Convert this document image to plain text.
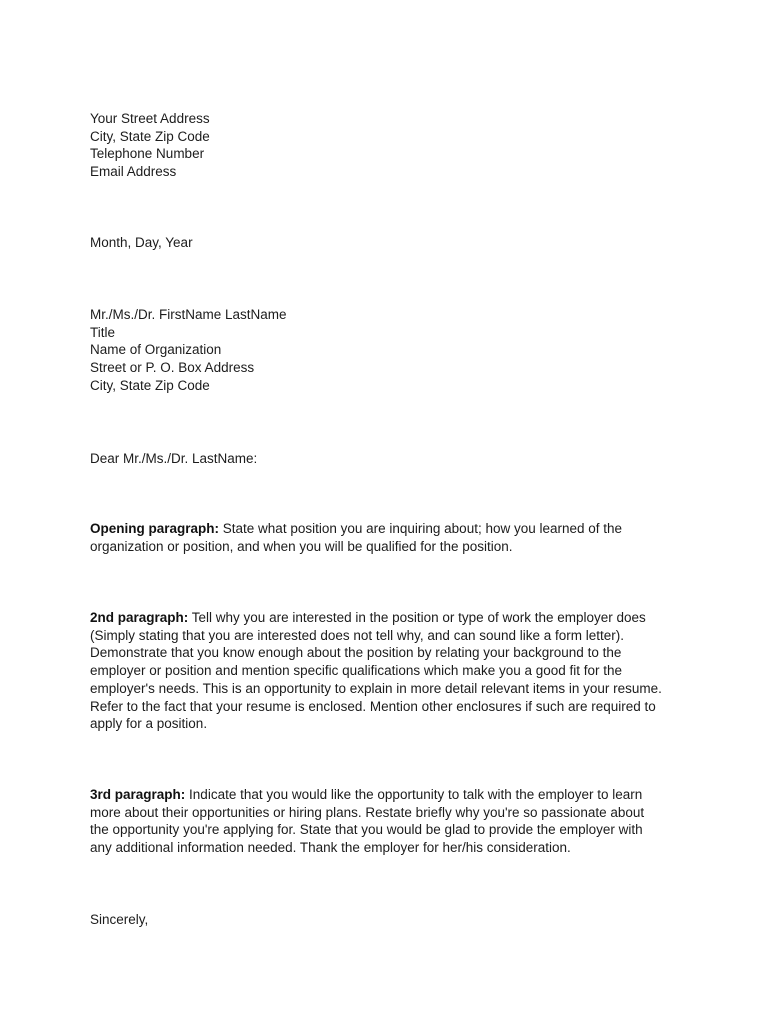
Your Street Address
City, State Zip Code
Telephone Number
Email Address
Month, Day, Year
Mr./Ms./Dr. FirstName LastName
Title
Name of Organization
Street or P. O. Box Address
City, State Zip Code
Dear Mr./Ms./Dr. LastName:
Opening paragraph: State what position you are inquiring about; how you learned of the
organization or position, and when you will be qualified for the position.
2nd paragraph: Tell why you are interested in the position or type of work the employer does
(Simply stating that you are interested does not tell why, and can sound like a form letter).
Demonstrate that you know enough about the position by relating your background to the
employer or position and mention specific qualifications which make you a good fit for the
employer's needs. This is an opportunity to explain in more detail relevant items in your resume.
Refer to the fact that your resume is enclosed. Mention other enclosures if such are required to
apply for a position.
3rd paragraph: Indicate that you would like the opportunity to talk with the employer to learn
more about their opportunities or hiring plans. Restate briefly why you're so passionate about
the opportunity you're applying for. State that you would be glad to provide the employer with
any additional information needed. Thank the employer for her/his consideration.
Sincerely,
